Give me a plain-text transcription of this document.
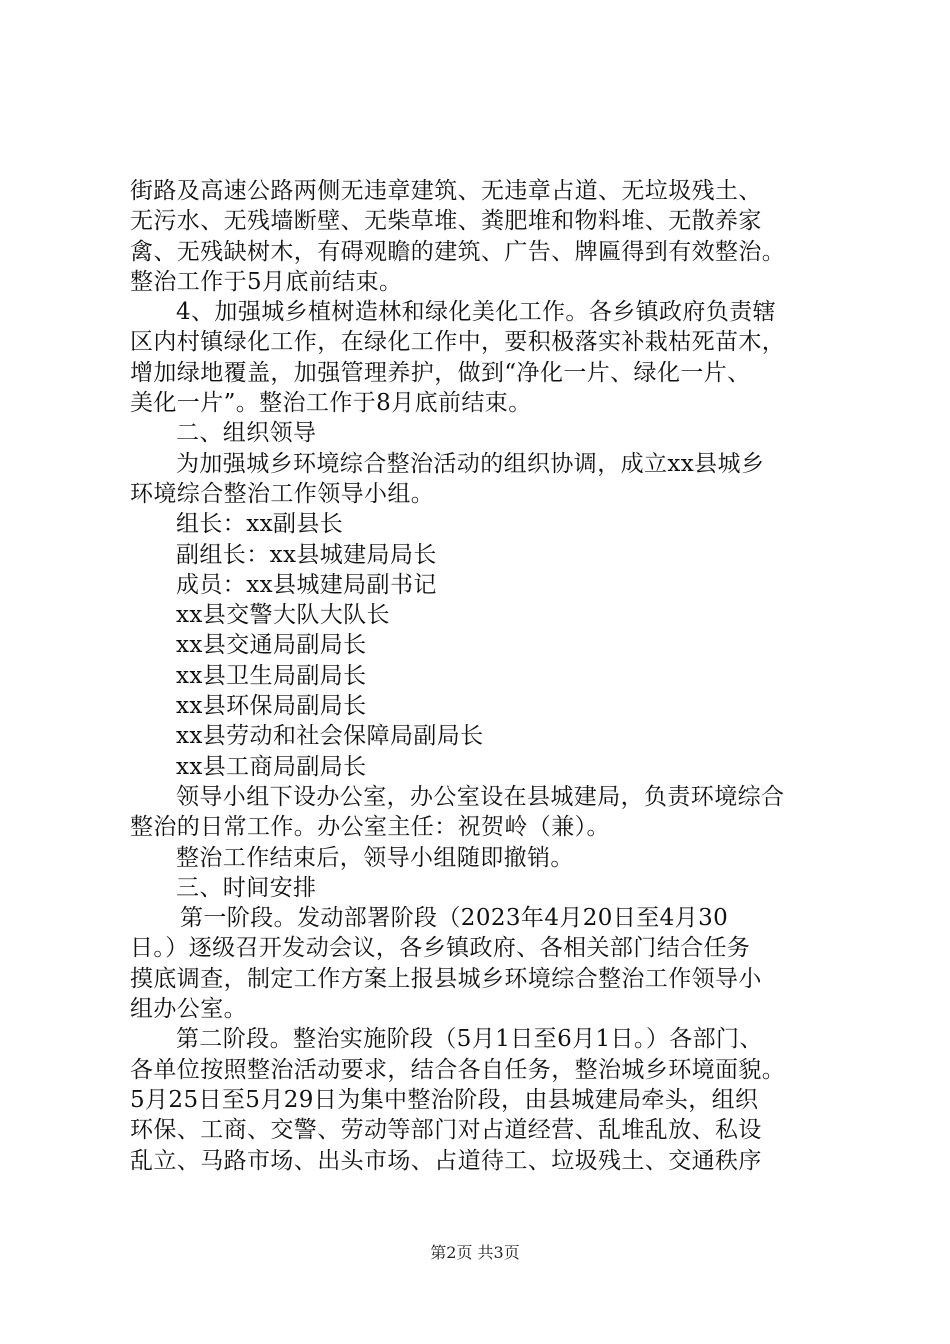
街路及高速公路两侧无违章建筑、无违章占道、无垃圾残土、
无污水、无残墙断壁、无柴草堆、粪肥堆和物料堆、无散养家
禽、无残缺树木，有碍观瞻的建筑、广告、牌匾得到有效整治。
整治工作于5月底前结束。
4、加强城乡植树造林和绿化美化工作。各乡镇政府负责辖
区内村镇绿化工作，在绿化工作中，要积极落实补栽枯死苗木，
增加绿地覆盖，加强管理养护，做到“净化一片、绿化一片、
美化一片”。整治工作于8月底前结束。
二、组织领导
为加强城乡环境综合整治活动的组织协调，成立xx县城乡
环境综合整治工作领导小组。
组长：xx副县长
副组长：xx县城建局局长
成员：xx县城建局副书记
xx县交警大队大队长
xx县交通局副局长
xx县卫生局副局长
xx县环保局副局长
xx县劳动和社会保障局副局长
xx县工商局副局长
领导小组下设办公室，办公室设在县城建局，负责环境综合
整治的日常工作。办公室主任：祝贺岭（兼）。
整治工作结束后，领导小组随即撤销。
三、时间安排
第一阶段。发动部署阶段（2023年4月20日至4月30
日。）逐级召开发动会议，各乡镇政府、各相关部门结合任务
摸底调查，制定工作方案上报县城乡环境综合整治工作领导小
组办公室。
第二阶段。整治实施阶段（5月1日至6月1日。）各部门、
各单位按照整治活动要求，结合各自任务，整治城乡环境面貌。
5月25日至5月29日为集中整治阶段，由县城建局牵头，组织
环保、工商、交警、劳动等部门对占道经营、乱堆乱放、私设
乱立、马路市场、出头市场、占道待工、垃圾残土、交通秩序
第2页 共3页
